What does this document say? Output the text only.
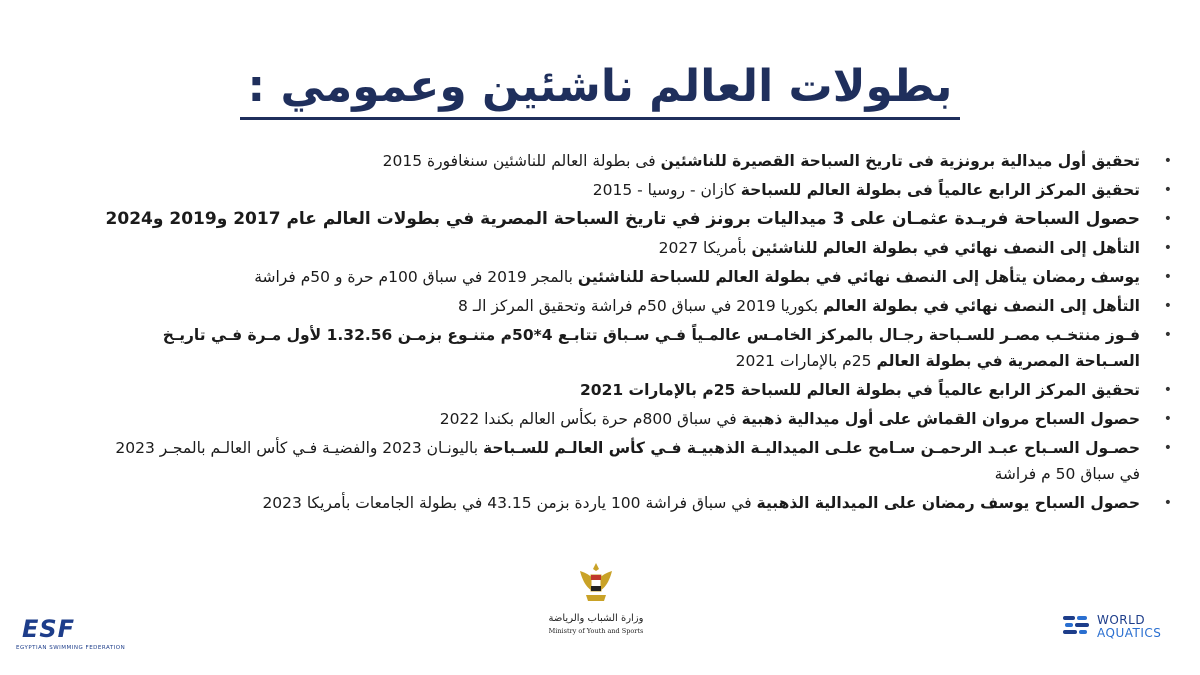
بطولات العالم ناشئين وعمومي :
•
تحقيق أول ميدالية برونزية فى تاريخ السباحة القصيرة للناشئين فى بطولة العالم للناشئين سنغافورة 2015
•
تحقيق المركز الرابع عالمياً فى بطولة العالم للسباحة كازان - روسيا - 2015
•
حصول السباحة فريـدة عثمـان على 3 ميداليات برونز في تاريخ السباحة المصرية في بطولات العالم عام 2017 و2019 و2024
•
التأهل إلى النصف نهائي في بطولة العالم للناشئين بأمريكا 2027
•
يوسف رمضان يتأهل إلى النصف نهائي في بطولة العالم للسباحة للناشئين بالمجر 2019 في سباق 100م حرة و 50م فراشة
•
التأهل إلى النصف نهائي في بطولة العالم بكوريا 2019 في سباق 50م فراشة وتحقيق المركز الـ 8
•
فـوز منتخـب مصـر للسـباحة رجـال بالمركز الخامـس عالمـياً فـي سـباق تتابـع 4*50م متنـوع بزمـن 1.32.56 لأول مـرة فـي تاريـخ السـباحة المصرية في بطولة العالم 25م بالإمارات 2021
•
تحقيق المركز الرابع عالمياً في بطولة العالم للسباحة 25م بالإمارات 2021
•
حصول السباح مروان القماش على أول ميدالية ذهبية في سباق 800م حرة بكأس العالم بكندا 2022
•
حصـول السـباح عبـد الرحمـن سـامح علـى الميداليـة الذهبيـة فـي كأس العالـم للسـباحة باليونـان 2023 والفضيـة فـي كأس العالـم بالمجـر 2023 في سباق 50 م فراشة
•
حصول السباح يوسف رمضان على الميدالية الذهبية في سباق فراشة 100 ياردة بزمن 43.15 في بطولة الجامعات بأمريكا 2023
ESF
EGYPTIAN SWIMMING FEDERATION
وزارة الشباب والرياضة
Ministry of Youth and Sports
WORLD
AQUATICS
